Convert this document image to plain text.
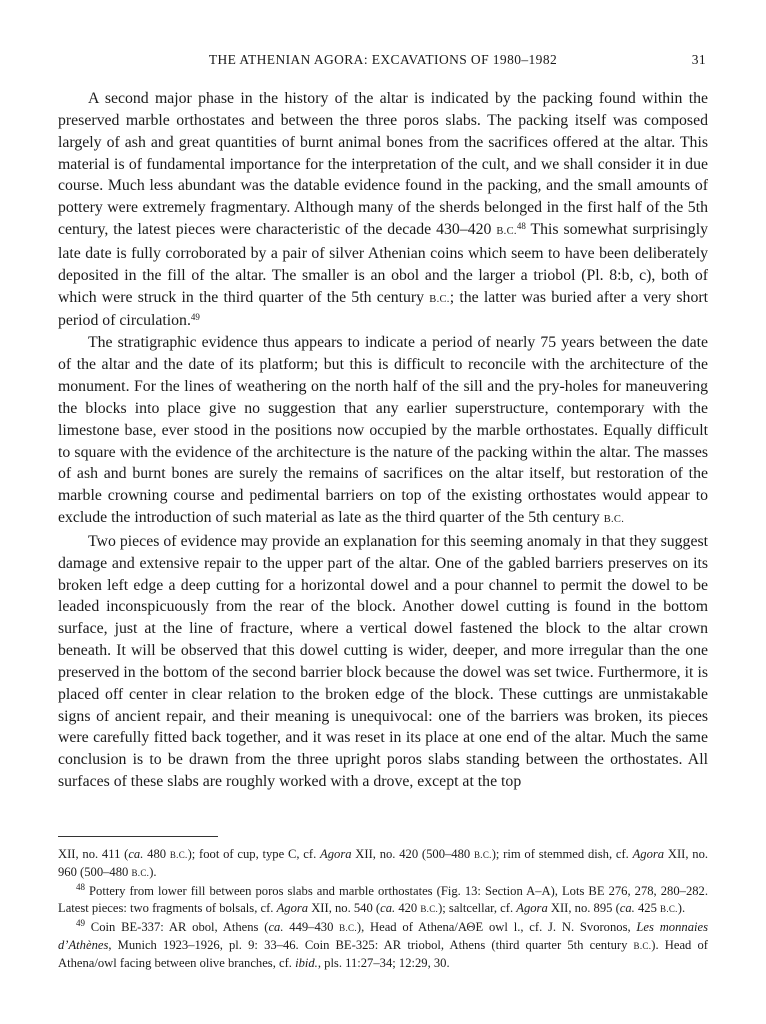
THE ATHENIAN AGORA: EXCAVATIONS OF 1980–1982	31

A second major phase in the history of the altar is indicated by the packing found within the preserved marble orthostates and between the three poros slabs. The packing itself was composed largely of ash and great quantities of burnt animal bones from the sacrifices offered at the altar. This material is of fundamental importance for the interpretation of the cult, and we shall consider it in due course. Much less abundant was the datable evidence found in the packing, and the small amounts of pottery were extremely fragmentary. Although many of the sherds belonged in the first half of the 5th century, the latest pieces were characteristic of the decade 430–420 B.C.$^{48}$ This somewhat surprisingly late date is fully corroborated by a pair of silver Athenian coins which seem to have been deliberately deposited in the fill of the altar. The smaller is an obol and the larger a triobol (Pl. 8:b, c), both of which were struck in the third quarter of the 5th century B.C.; the latter was buried after a very short period of circulation.$^{49}$

The stratigraphic evidence thus appears to indicate a period of nearly 75 years between the date of the altar and the date of its platform; but this is difficult to reconcile with the architecture of the monument. For the lines of weathering on the north half of the sill and the pry-holes for maneuvering the blocks into place give no suggestion that any earlier superstructure, contemporary with the limestone base, ever stood in the positions now occupied by the marble orthostates. Equally difficult to square with the evidence of the architecture is the nature of the packing within the altar. The masses of ash and burnt bones are surely the remains of sacrifices on the altar itself, but restoration of the marble crowning course and pedimental barriers on top of the existing orthostates would appear to exclude the introduction of such material as late as the third quarter of the 5th century B.C.

Two pieces of evidence may provide an explanation for this seeming anomaly in that they suggest damage and extensive repair to the upper part of the altar. One of the gabled barriers preserves on its broken left edge a deep cutting for a horizontal dowel and a pour channel to permit the dowel to be leaded inconspicuously from the rear of the block. Another dowel cutting is found in the bottom surface, just at the line of fracture, where a vertical dowel fastened the block to the altar crown beneath. It will be observed that this dowel cutting is wider, deeper, and more irregular than the one preserved in the bottom of the second barrier block because the dowel was set twice. Furthermore, it is placed off center in clear relation to the broken edge of the block. These cuttings are unmistakable signs of ancient repair, and their meaning is unequivocal: one of the barriers was broken, its pieces were carefully fitted back together, and it was reset in its place at one end of the altar. Much the same conclusion is to be drawn from the three upright poros slabs standing between the orthostates. All surfaces of these slabs are roughly worked with a drove, except at the top

XII, no. 411 (ca. 480 B.C.); foot of cup, type C, cf. Agora XII, no. 420 (500–480 B.C.); rim of stemmed dish, cf. Agora XII, no. 960 (500–480 B.C.).

$^{48}$ Pottery from lower fill between poros slabs and marble orthostates (Fig. 13: Section A–A), Lots BE 276, 278, 280–282. Latest pieces: two fragments of bolsals, cf. Agora XII, no. 540 (ca. 420 B.C.); saltcellar, cf. Agora XII, no. 895 (ca. 425 B.C.).

$^{49}$ Coin BE-337: AR obol, Athens (ca. 449–430 B.C.), Head of Athena/ΑΘΕ owl l., cf. J. N. Svoronos, Les monnaies d’Athènes, Munich 1923–1926, pl. 9: 33–46. Coin BE-325: AR triobol, Athens (third quarter 5th century B.C.). Head of Athena/owl facing between olive branches, cf. ibid., pls. 11:27–34; 12:29, 30.
